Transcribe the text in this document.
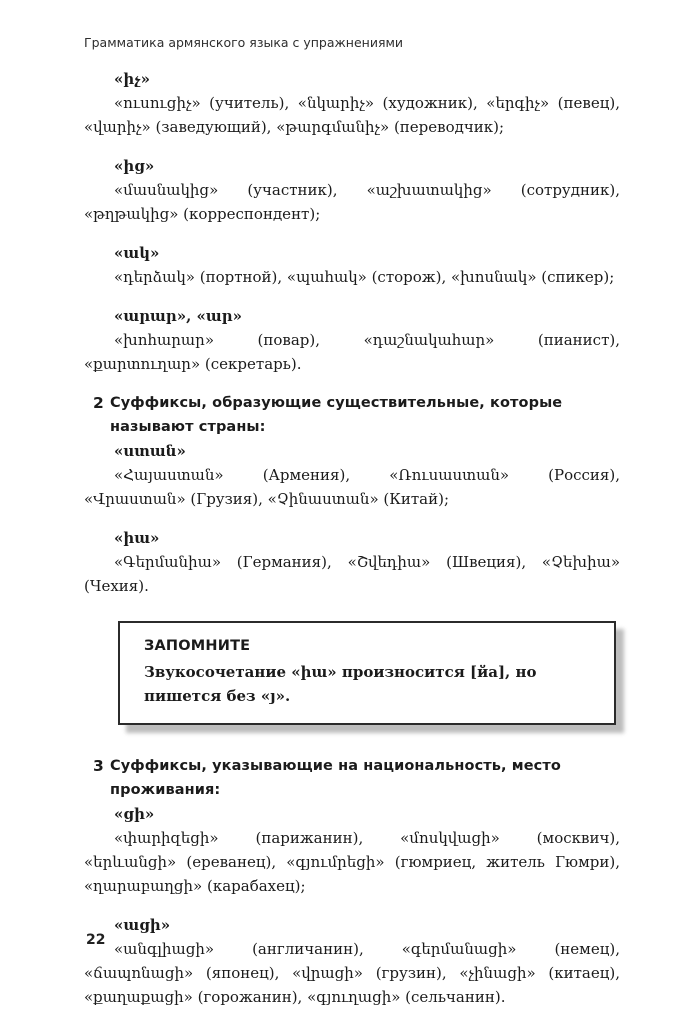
Грамматика армянского языка с упражнениями

«իչ»

«ուսուցիչ» (учитель), «նկարիչ» (художник), «երգիչ» (певец), «վարիչ» (заведующий), «թարգմանիչ» (переводчик);

«ից»

«մասնակից» (участник), «աշխատակից» (сотрудник), «թղթակից» (корреспондент);

«ակ»

«դերձակ» (портной), «պահակ» (сторож), «խոսնակ» (спикер);

«արար», «ար»

«խոհարար» (повар), «դաշնակահար» (пианист), «քարտուղար» (секретарь).

2 Суффиксы, образующие существительные, которые называют страны:

«ստան»

«Հայաստան» (Армения), «Ռուսաստան» (Россия), «Վրաստան» (Грузия), «Չինաստան» (Китай);

«իա»

«Գերմանիա» (Германия), «Շվեդիա» (Швеция), «Չեխիա» (Чехия).

ЗАПОМНИТЕ

Звукосочетание «իա» произносится [йа], но пишется без «յ».

3 Суффиксы, указывающие на национальность, место проживания:

«ցի»

«փարիզեցի» (парижанин), «մոսկվացի» (москвич), «երևանցի» (ереванец), «գյումրեցի» (гюмриец, житель Гюмри), «ղարաբաղցի» (карабахец);

«ացի»

«անգլիացի» (англичанин), «գերմանացի» (немец), «ճապոնացի» (японец), «վրացի» (грузин), «չինացի» (китаец), «քաղաքացի» (горожанин), «գյուղացի» (сельчанин).

22
